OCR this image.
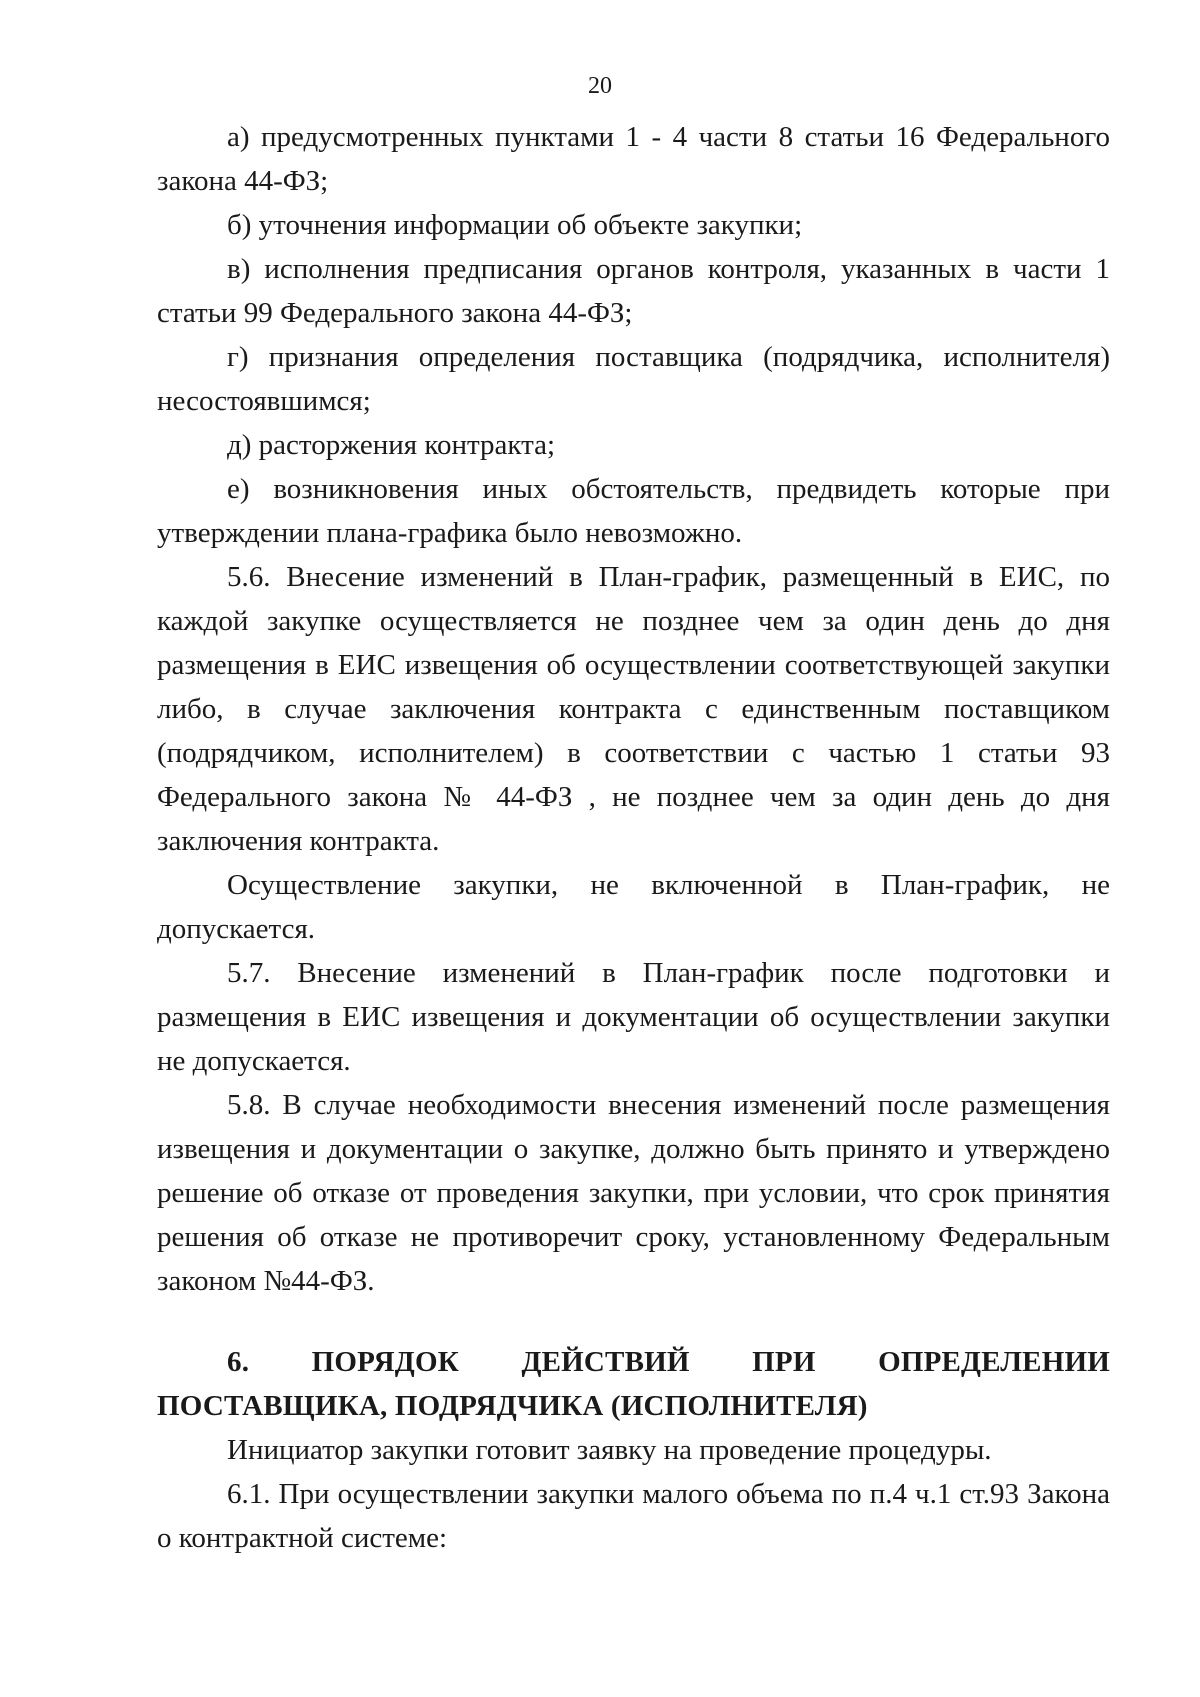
20

а) предусмотренных пунктами 1 - 4 части 8 статьи 16 Федерального закона 44-ФЗ;

б) уточнения информации об объекте закупки;

в) исполнения предписания органов контроля, указанных в части 1 статьи 99 Федерального закона 44-ФЗ;

г) признания определения поставщика (подрядчика, исполнителя) несостоявшимся;

д) расторжения контракта;

е) возникновения иных обстоятельств, предвидеть которые при утверждении плана-графика было невозможно.

5.6. Внесение изменений в План-график, размещенный в ЕИС, по каждой закупке осуществляется не позднее чем за один день до дня размещения в ЕИС извещения об осуществлении соответствующей закупки либо, в случае заключения контракта с единственным поставщиком (подрядчиком, исполнителем) в соответствии с частью 1 статьи 93 Федерального закона № 44-ФЗ , не позднее чем за один день до дня заключения контракта.

Осуществление закупки, не включенной в План-график, не допускается.

5.7. Внесение изменений в План-график после подготовки и размещения в ЕИС извещения и документации об осуществлении закупки не допускается.

5.8. В случае необходимости внесения изменений после размещения извещения и документации о закупке, должно быть принято и утверждено решение об отказе от проведения закупки, при условии, что срок принятия решения об отказе не противоречит сроку, установленному Федеральным законом №44-ФЗ.

6. ПОРЯДОК ДЕЙСТВИЙ ПРИ ОПРЕДЕЛЕНИИ ПОСТАВЩИКА, ПОДРЯДЧИКА (ИСПОЛНИТЕЛЯ)

Инициатор закупки готовит заявку на проведение процедуры.

6.1. При осуществлении закупки малого объема по п.4 ч.1 ст.93 Закона о контрактной системе:
